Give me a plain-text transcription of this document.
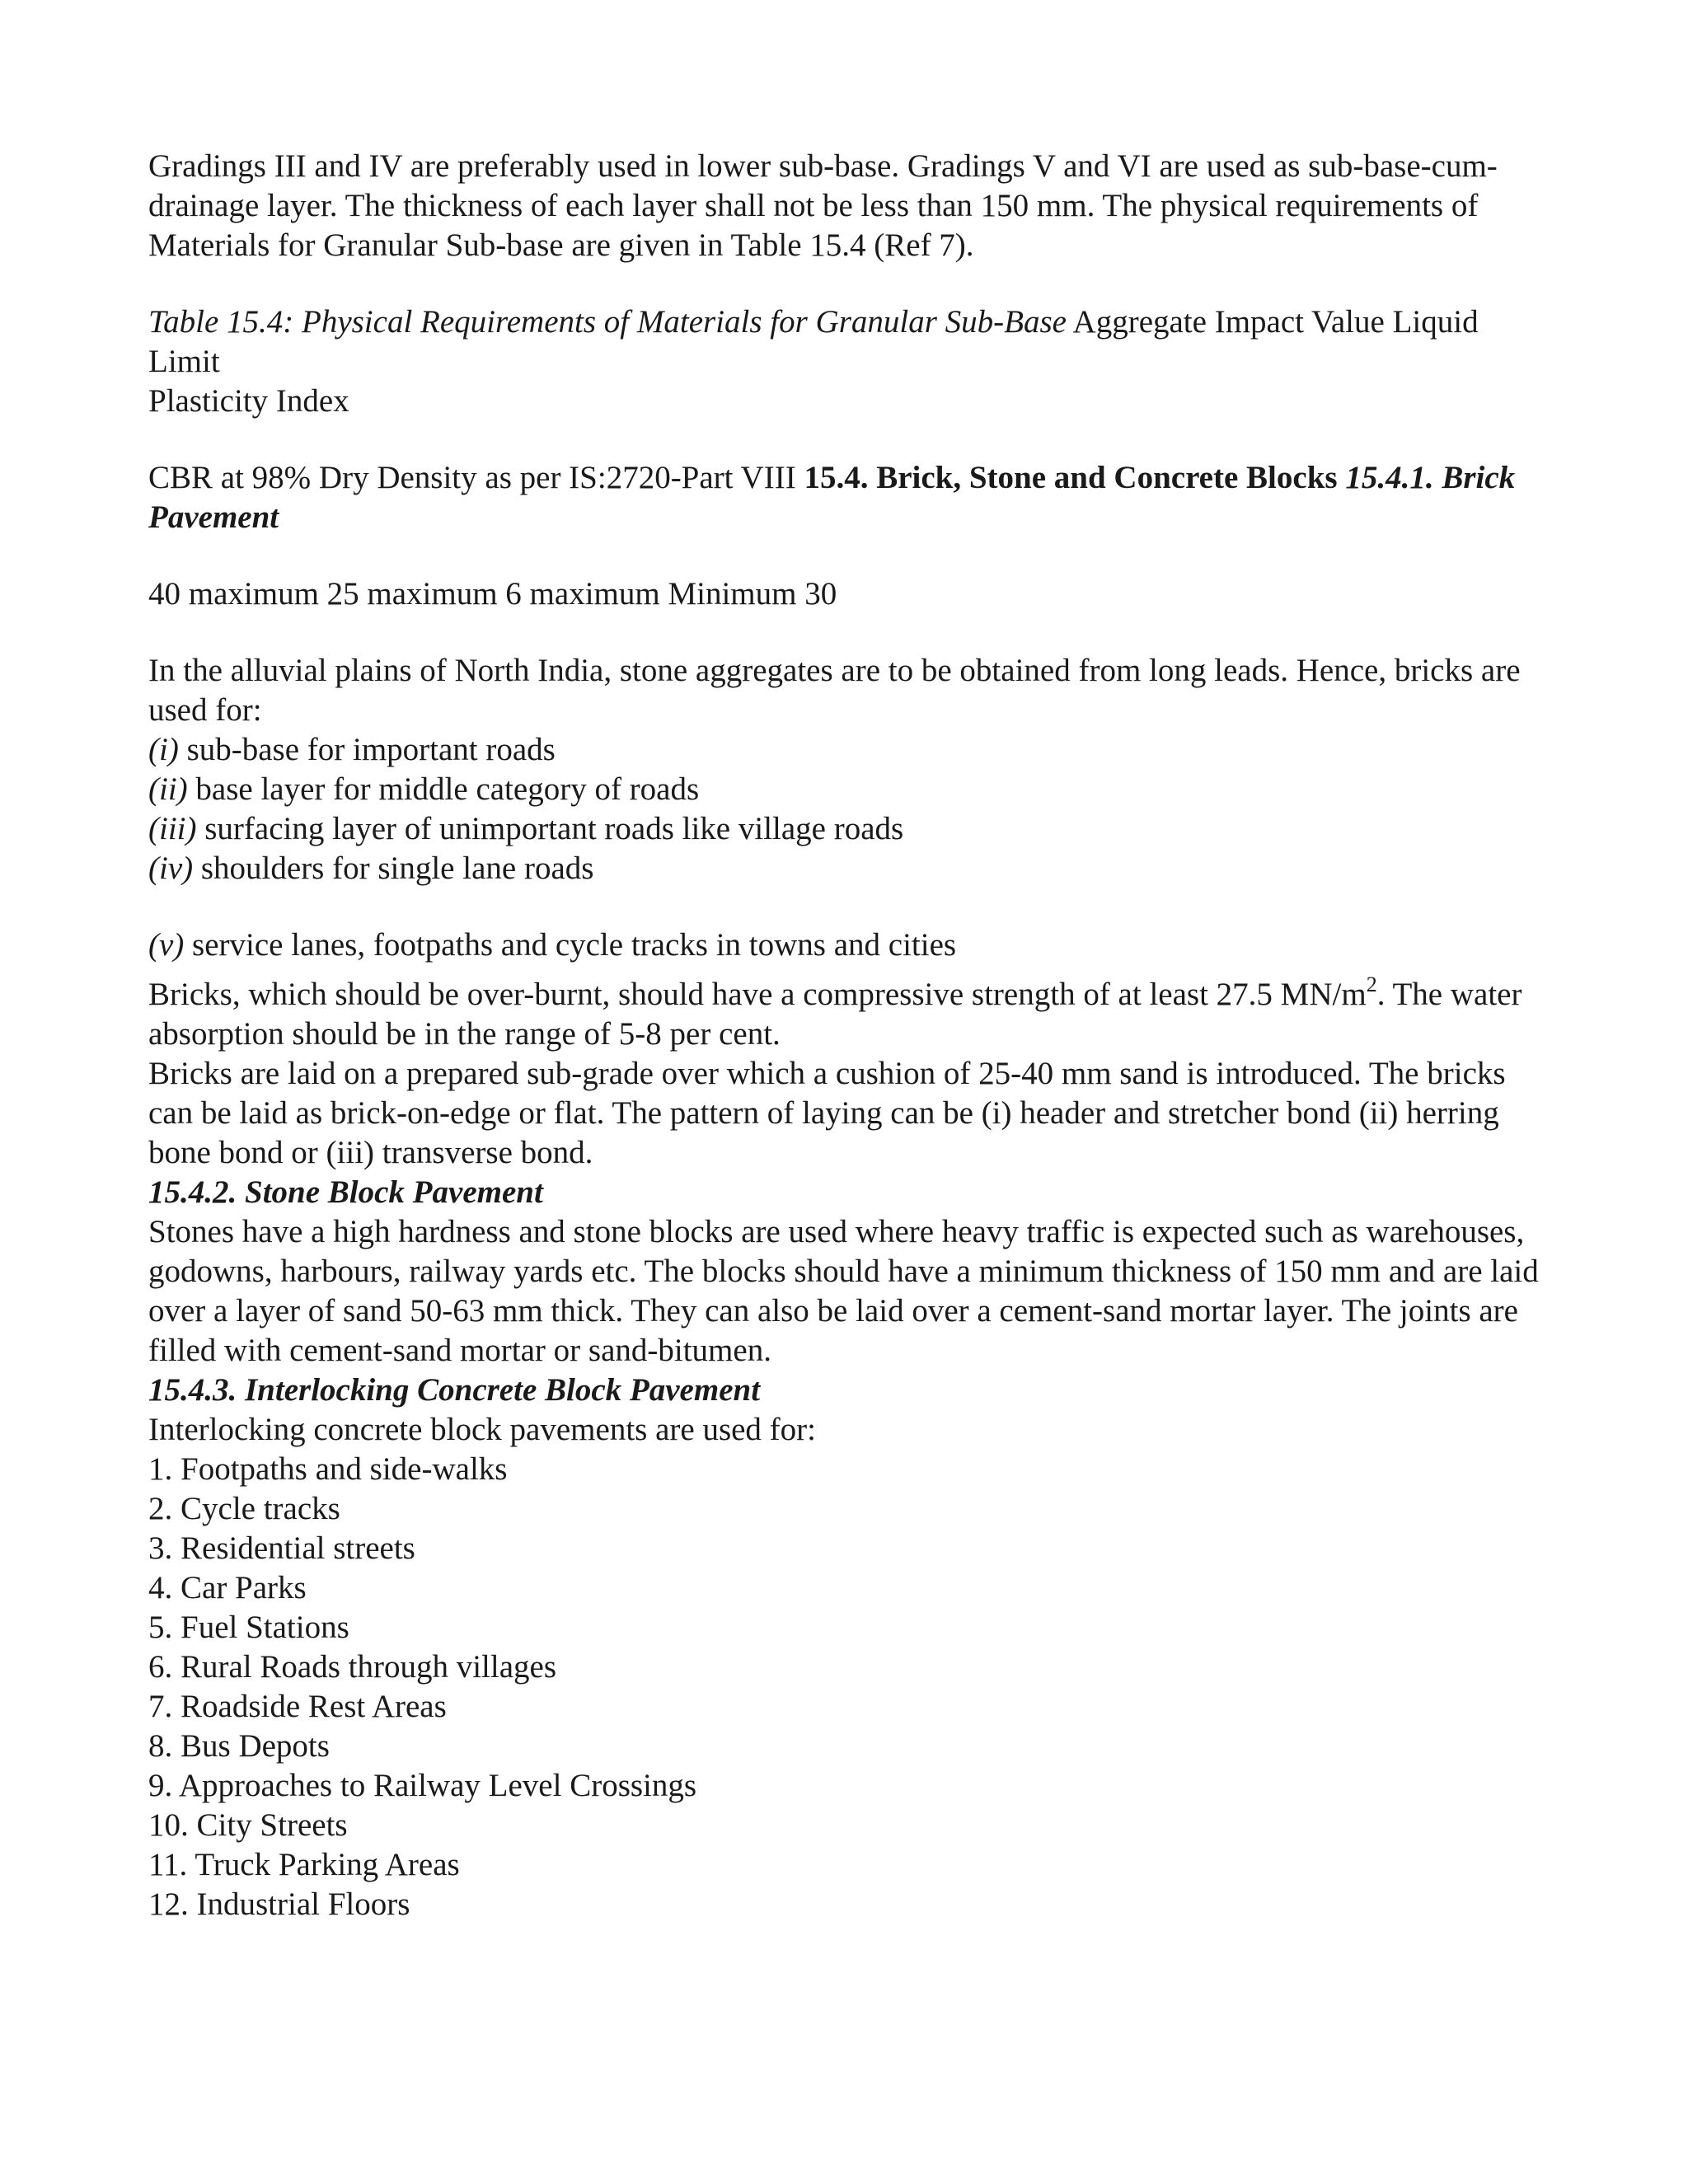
Gradings III and IV are preferably used in lower sub-base. Gradings V and VI are used as sub-base-cum-drainage layer. The thickness of each layer shall not be less than 150 mm. The physical requirements of Materials for Granular Sub-base are given in Table 15.4 (Ref 7).

Table 15.4: Physical Requirements of Materials for Granular Sub-Base Aggregate Impact Value Liquid Limit
Plasticity Index

CBR at 98% Dry Density as per IS:2720-Part VIII 15.4. Brick, Stone and Concrete Blocks 15.4.1. Brick Pavement

40 maximum 25 maximum 6 maximum Minimum 30

In the alluvial plains of North India, stone aggregates are to be obtained from long leads. Hence, bricks are used for:

(i) sub-base for important roads
(ii) base layer for middle category of roads
(iii) surfacing layer of unimportant roads like village roads
(iv) shoulders for single lane roads

(v) service lanes, footpaths and cycle tracks in towns and cities

Bricks, which should be over-burnt, should have a compressive strength of at least 27.5 $MN/m^2$. The water absorption should be in the range of 5-8 per cent.

Bricks are laid on a prepared sub-grade over which a cushion of 25-40 mm sand is introduced. The bricks can be laid as brick-on-edge or flat. The pattern of laying can be (i) header and stretcher bond (ii) herring bone bond or (iii) transverse bond.

15.4.2. Stone Block Pavement

Stones have a high hardness and stone blocks are used where heavy traffic is expected such as warehouses, godowns, harbours, railway yards etc. The blocks should have a minimum thickness of 150 mm and are laid over a layer of sand 50-63 mm thick. They can also be laid over a cement-sand mortar layer. The joints are filled with cement-sand mortar or sand-bitumen.

15.4.3. Interlocking Concrete Block Pavement

Interlocking concrete block pavements are used for:

1. Footpaths and side-walks
2. Cycle tracks
3. Residential streets
4. Car Parks
5. Fuel Stations
6. Rural Roads through villages
7. Roadside Rest Areas
8. Bus Depots
9. Approaches to Railway Level Crossings
10. City Streets
11. Truck Parking Areas
12. Industrial Floors
